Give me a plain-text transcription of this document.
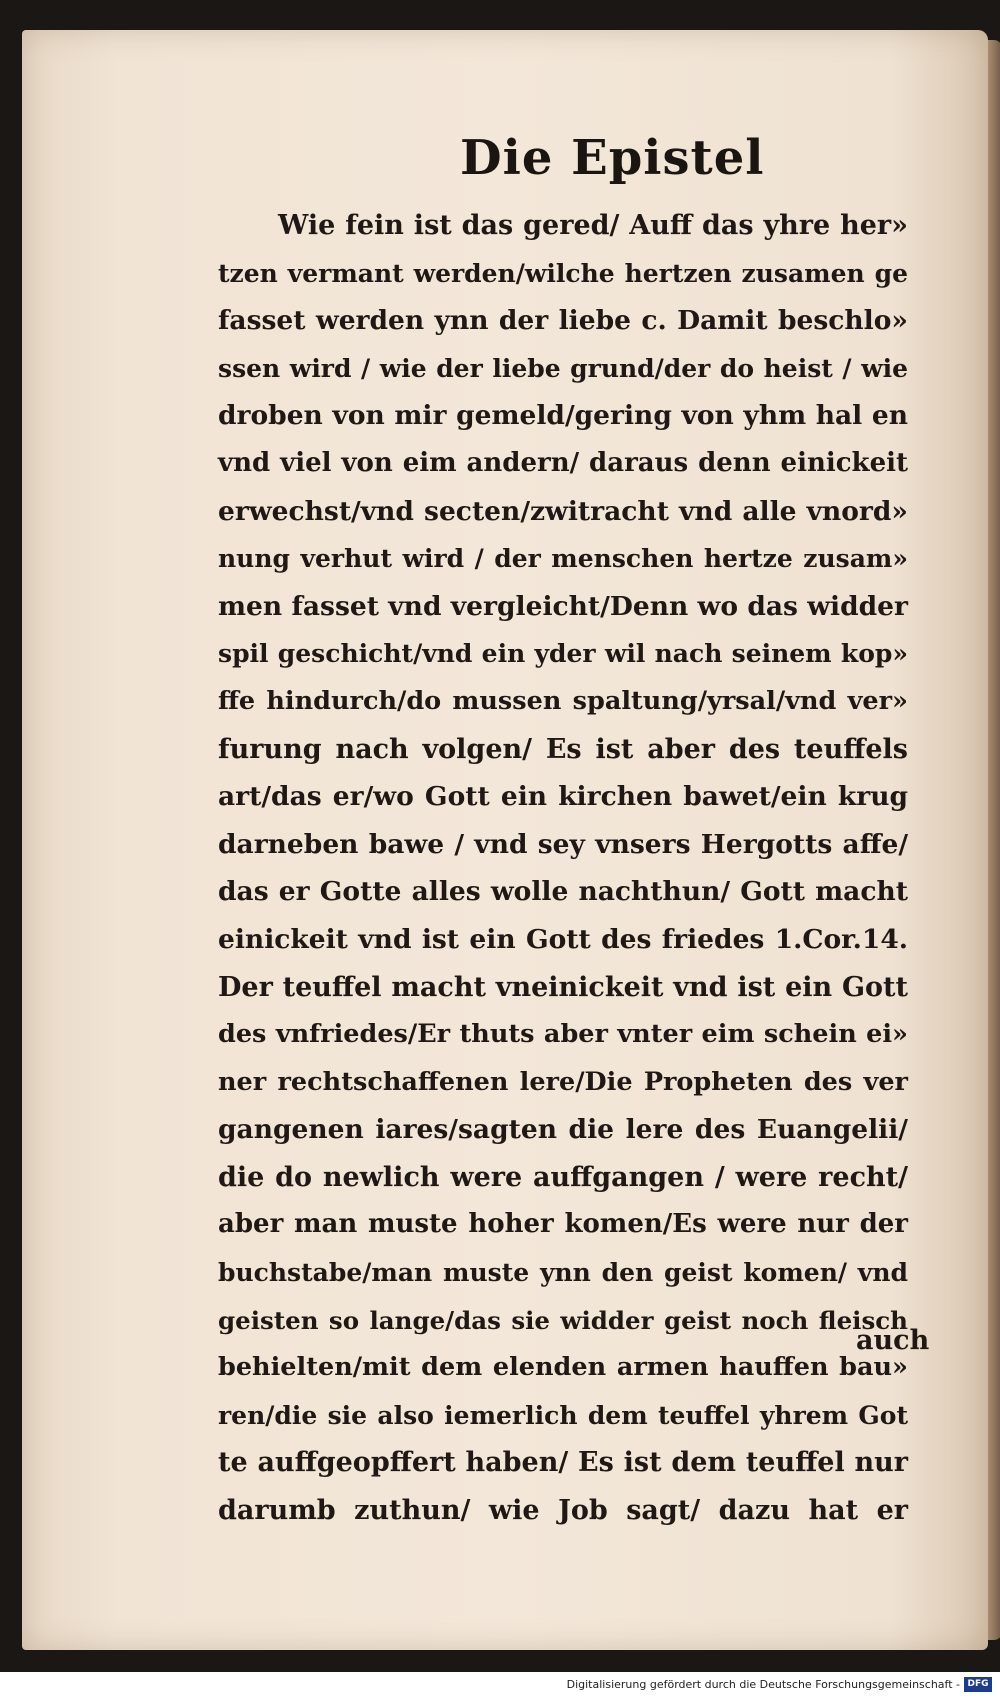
Die Epistel
Wie fein ist das gered/ Auff das yhre her»
tzen vermant werden/wilche hertzen zusamen ge
fasset werden ynn der liebe c. Damit beschlo»
ssen wird / wie der liebe grund/der do heist / wie
droben von mir gemeld/gering von yhm hal en
vnd viel von eim andern/ daraus denn einickeit
erwechst/vnd secten/zwitracht vnd alle vnord»
nung verhut wird / der menschen hertze zusam»
men fasset vnd vergleicht/Denn wo das widder
spil geschicht/vnd ein yder wil nach seinem kop»
ffe hindurch/do mussen spaltung/yrsal/vnd ver»
furung nach volgen/ Es ist aber des teuffels
art/das er/wo Gott ein kirchen bawet/ein krug
darneben bawe / vnd sey vnsers Hergotts affe/
das er Gotte alles wolle nachthun/ Gott macht
einickeit vnd ist ein Gott des friedes 1.Cor.14.
Der teuffel macht vneinickeit vnd ist ein Gott
des vnfriedes/Er thuts aber vnter eim schein ei»
ner rechtschaffenen lere/Die Propheten des ver
gangenen iares/sagten die lere des Euangelii/
die do newlich were auffgangen / were recht/
aber man muste hoher komen/Es were nur der
buchstabe/man muste ynn den geist komen/ vnd
geisten so lange/das sie widder geist noch fleisch
behielten/mit dem elenden armen hauffen bau»
ren/die sie also iemerlich dem teuffel yhrem Got
te auffgeopffert haben/ Es ist dem teuffel nur
darumb zuthun/ wie Job sagt/ dazu hat er
auch
Digitalisierung gefördert durch die Deutsche Forschungsgemeinschaft - DFG
